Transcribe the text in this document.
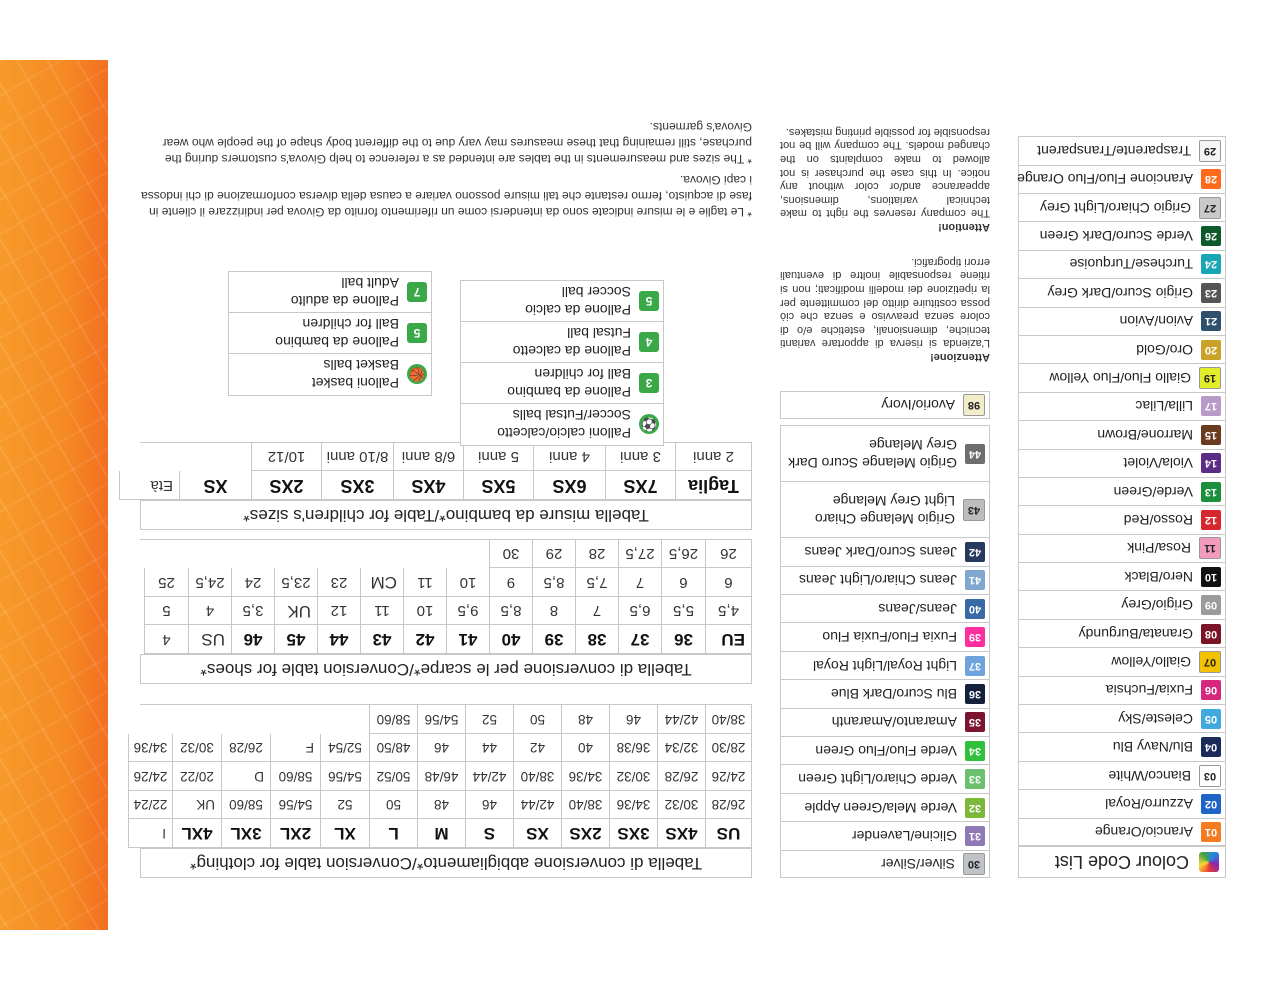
Colour Code List
01
Arancio/Orange
02
Azzurro/Royal
03
Bianco/White
04
Blu/Navy Blu
05
Celeste/Sky
06
Fuxia/Fuchsia
07
Giallo/Yellow
08
Granata/Burgundy
09
Grigio/Grey
10
Nero/Black
11
Rosa/Pink
12
Rosso/Red
13
Verde/Green
14
Viola/Violet
15
Marrone/Brown
17
Lilla/Lilac
19
Giallo Fluo/Fluo Yellow
20
Oro/Gold
21
Avion/Avion
23
Grigio Scuro/Dark Grey
24
Turchese/Turquoise
26
Verde Scuro/Dark Green
27
Grigio Chiaro/Light Grey
28
Arancione Fluo/Fluo Orange
29
Trasparente/Transparent
30
Silver/Silver
31
Glicine/Lavender
32
Verde Mela/Green Apple
33
Verde Chiaro/Light Green
34
Verde Fluo/Fluo Green
35
Amaranto/Amaranth
36
Blu Scuro/Dark Blue
37
Light Royal/Light Royal
39
Fuxia Fluo/Fuxia Fluo
40
Jeans/Jeans
41
Jeans Chiaro/Light Jeans
42
Jeans Scuro/Dark Jeans
43
Grigio Melange Chiaro Light Grey Melange
44
Grigio Melange Scuro Dark Grey Melange
98
Avorio/Ivory
Attenzione!
L'azienda si riserva di apportare varianti tecniche, dimensionali, estetiche e/o di colore senza preavviso e senza che ciò possa costituire diritto del committente per la ripetizione dei modelli modificati; non si ritiene responsabile inoltre di eventuali errori tipografici.
Attention!
The company reserves the right to make technical variations, dimensions, appearance and/or color without any notice. In this case the purchaser is not allowed to make complaints on the changed models. The company will be not responsible for possible printing mistakes.
Tabella di conversione abbigliamento*/Conversion table for clothing*
US
4XS
3XS
2XS
XS
S
M
L
XL
2XL
3XL
4XL
I
26/28
30/32
34/36
38/40
42/44
46
48
50
52
54/56
58/60
UK
22/24
24/26
26/28
30/32
34/36
38/40
42/44
46/48
50/52
54/56
58/60
D
20/22
24/26
28/30
32/34
36/38
40
42
44
46
48/50
52/54
F
26/28
30/32
34/36
38/40
42/44
46
48
50
52
54/56
58/60
Tabella di conversione per le scarpe*/Conversion table for shoes*
EU
36
37
38
39
40
41
42
43
44
45
46
US
4
4,5
5,5
6,5
7
8
8,5
9,5
10
11
12
UK
3,5
4
5
6
6
7
7,5
8,5
9
10
11
CM
23
23,5
24
24,5
25
26
26,5
27,5
28
29
30
Tabella misure da bambino*/Table for children's sizes*
Taglia
7XS
6XS
5XS
4XS
3XS
2XS
XS
Età
2 anni
3 anni
4 anni
5 anni
6/8 anni
8/10 anni
10/12
⚽
Palloni calcio/calcetto
Soccer/Futsal balls
3
Pallone da bambino
Ball for children
4
Pallone da calcetto
Futsal ball
5
Pallone da calcio
Soccer ball
🏀
Palloni basket
Basket balls
5
Pallone da bambino
Ball for children
7
Pallone da adulto
Adult ball
* Le taglie e le misure indicate sono da intendersi come un riferimento fornito da Givova per indirizzare il cliente in fase di acquisto, fermo restante che tali misure possono variare a causa della diversa conformazione di chi indossa i capi Givova.
* The sizes and measurements in the tables are intended as a reference to help Givova's customers during the purchase, still remaining that these measures may vary due to the different body shape of the people who wear Givova's garments.
